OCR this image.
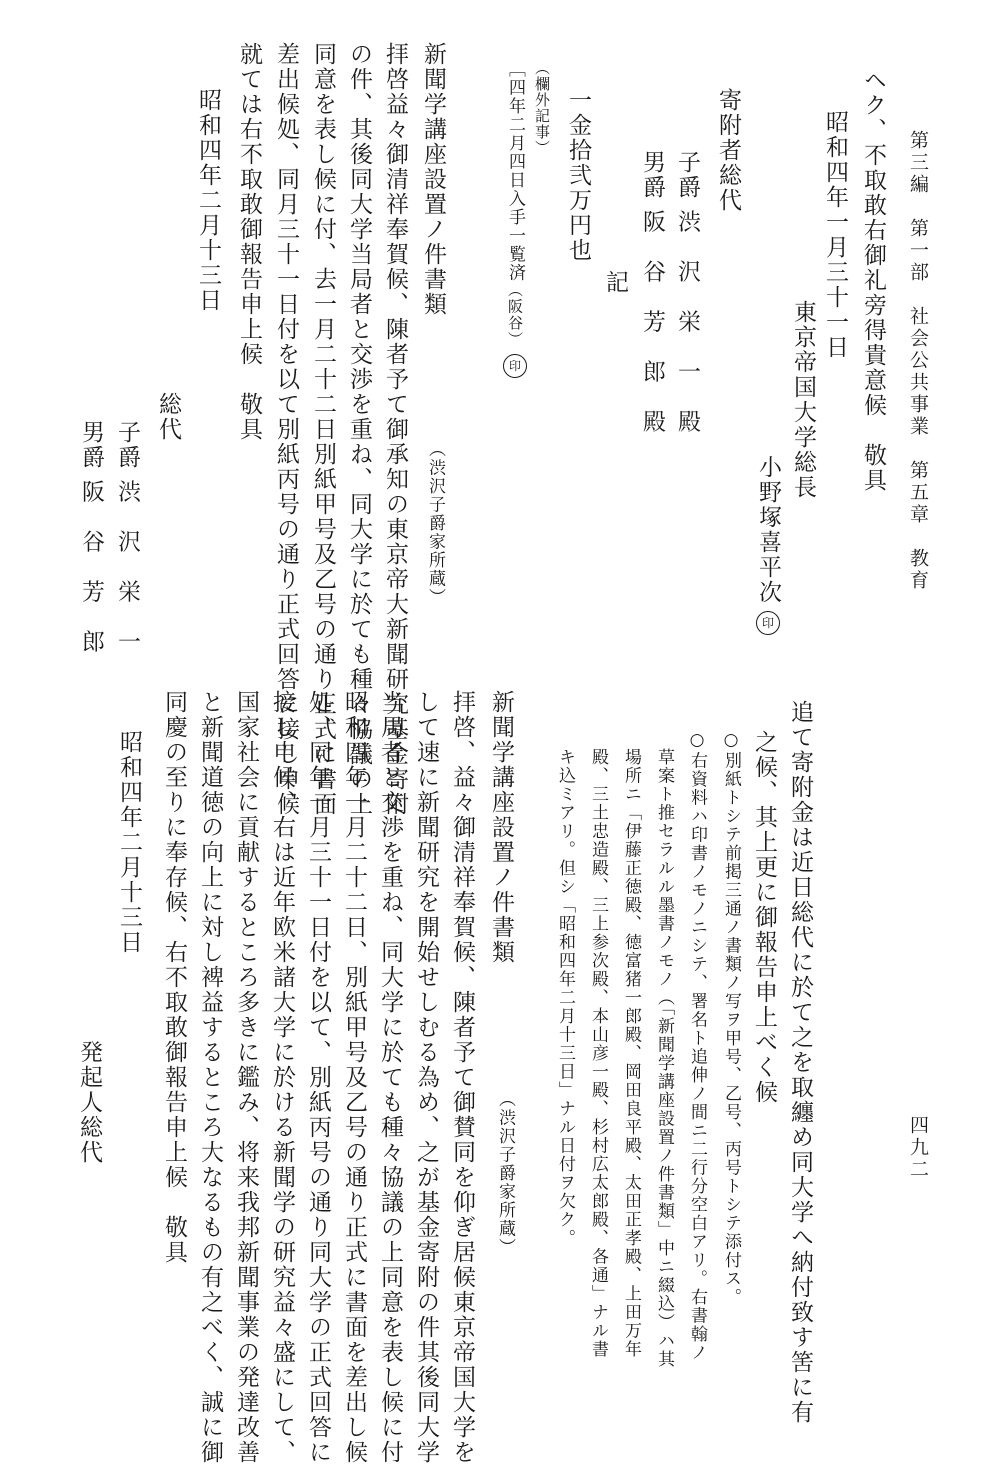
第三編　第一部　社会公共事業　第五章　教育
四九二
ヘク、不取敢右御礼旁得貴意候　敬具
昭和四年一月三十一日
東京帝国大学総長
小野塚喜平次印
寄附者総代
子爵 渋　沢　栄　一　殿
男爵 阪　谷　芳　郎　殿
記
一金拾弐万円也
（欄外記事）
［四年二月四日入手一覧済（阪谷）印
新聞学講座設置ノ件書類
（渋沢子爵家所蔵）
拝啓益々御清祥奉賀候、陳者予て御承知の東京帝大新聞研究基金寄附
の件、其後同大学当局者と交渉を重ね、同大学に於ても種々協議の上
同意を表し候に付、去一月二十二日別紙甲号及乙号の通り正式に書面
差出候処、同月三十一日付を以て別紙丙号の通り正式回答に接し申候
就ては右不取敢御報告申上候　敬具
昭和四年二月十三日
総代
子爵 渋　沢　栄　一
男爵 阪　谷　芳　郎
追て寄附金は近日総代に於て之を取纏め同大学へ納付致す筈に有
之候、其上更に御報告申上べく候
○別紙トシテ前掲三通ノ書類ノ写ヲ甲号、乙号、丙号トシテ添付ス。
○右資料ハ印書ノモノニシテ、署名ト追伸ノ間ニ二行分空白アリ。右書翰ノ
草案ト推セラルル墨書ノモノ（「新聞学講座設置ノ件書類」中ニ綴込）ハ其
場所ニ「伊藤正徳殿、徳富猪一郎殿、岡田良平殿、太田正孝殿、上田万年
殿、三土忠造殿、三上参次殿、本山彦一殿、杉村広太郎殿、各通」ナル書
キ込ミアリ。但シ「昭和四年二月十三日」ナル日付ヲ欠ク。
新聞学講座設置ノ件書類
（渋沢子爵家所蔵）
拝啓、益々御清祥奉賀候、陳者予て御賛同を仰ぎ居候東京帝国大学を
して速に新聞研究を開始せしむる為め、之が基金寄附の件其後同大学
当局者と交渉を重ね、同大学に於ても種々協議の上同意を表し候に付
昭和四年一月二十二日、別紙甲号及乙号の通り正式に書面を差出し候
処、同年一月三十一日付を以て、別紙丙号の通り同大学の正式回答に
接し申候、右は近年欧米諸大学に於ける新聞学の研究益々盛にして、
国家社会に貢献するところ多きに鑑み、将来我邦新聞事業の発達改善
と新聞道徳の向上に対し裨益するところ大なるもの有之べく、誠に御
同慶の至りに奉存候、右不取敢御報告申上候　敬具
昭和四年二月十三日
発起人総代
